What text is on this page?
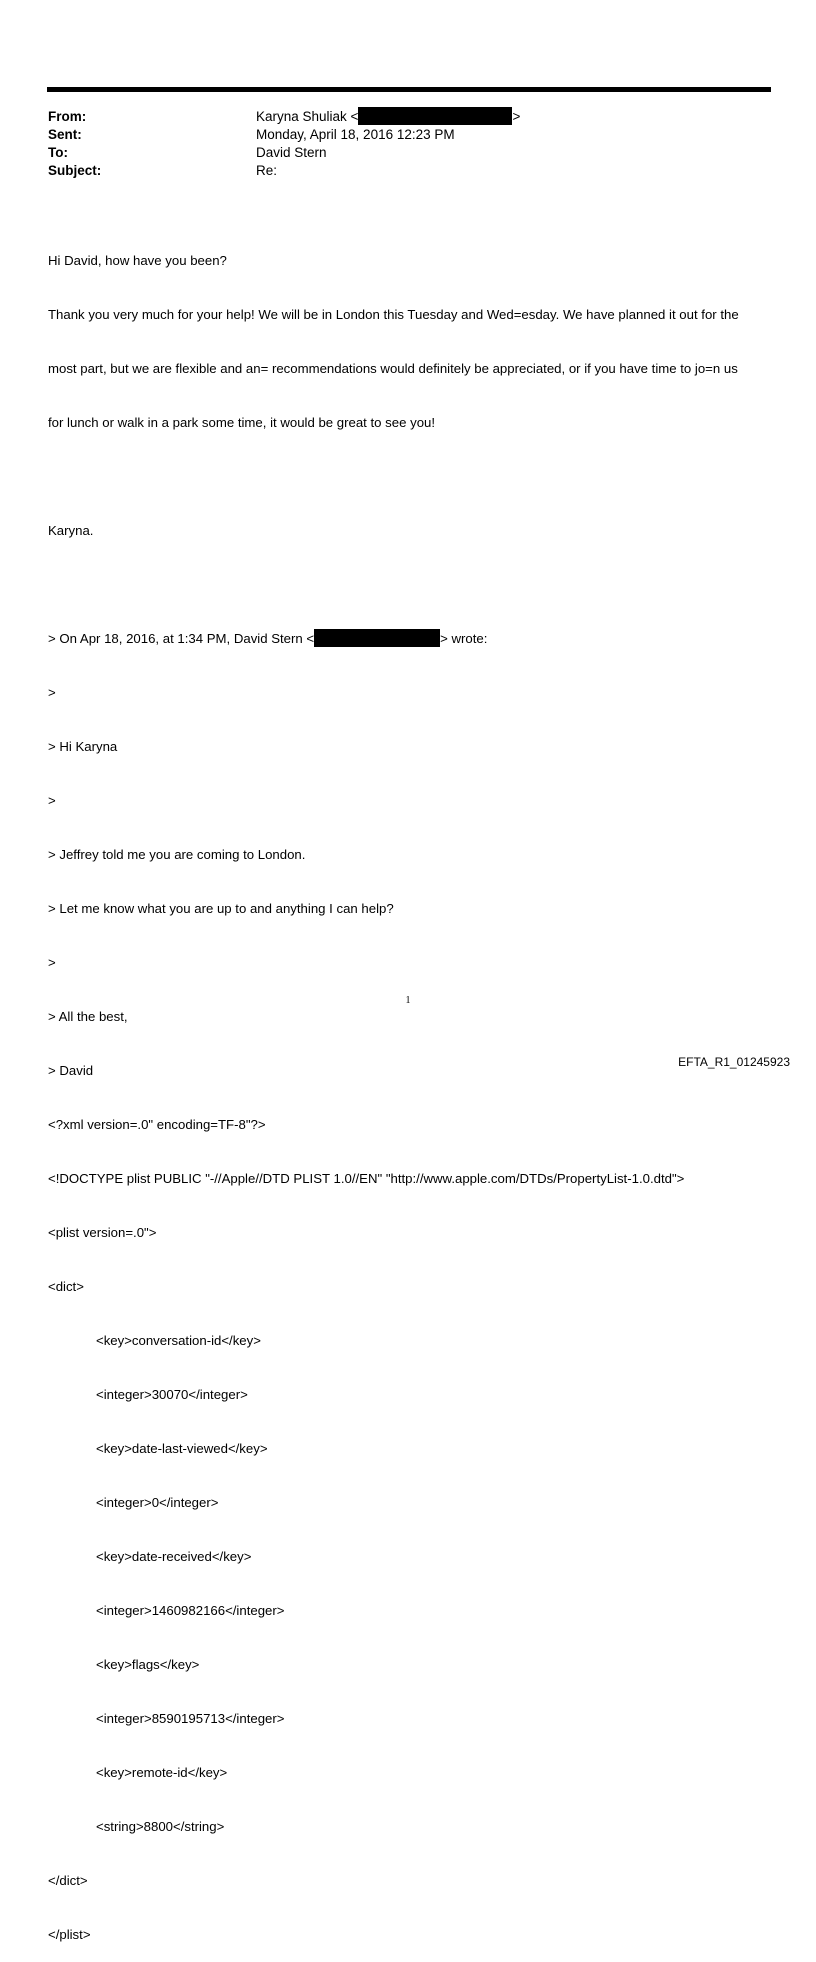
From:	Karyna Shuliak <	>
Sent:	Monday, April 18, 2016 12:23 PM
To:	David Stern
Subject:	Re:

Hi David, how have you been?

Thank you very much for your help! We will be in London this Tuesday and Wed=esday. We have planned it out for the

most part, but we are flexible and an= recommendations would definitely be appreciated, or if you have time to jo=n us

for lunch or walk in a park some time, it would be great to see you!

Karyna.

> On Apr 18, 2016, at 1:34 PM, David Stern <	> wrote:

>

> Hi Karyna

>

> Jeffrey told me you are coming to London.

> Let me know what you are up to and anything I can help?

>

> All the best,

> David

<?xml version=.0" encoding=TF-8"?>

<!DOCTYPE plist PUBLIC "-//Apple//DTD PLIST 1.0//EN" "http://www.apple.com/DTDs/PropertyList-1.0.dtd">

<plist version=.0">

<dict>

<key>conversation-id</key>

<integer>30070</integer>

<key>date-last-viewed</key>

<integer>0</integer>

<key>date-received</key>

<integer>1460982166</integer>

<key>flags</key>

<integer>8590195713</integer>

<key>remote-id</key>

<string>8800</string>

</dict>

</plist>

1
EFTA_R1_01245923
